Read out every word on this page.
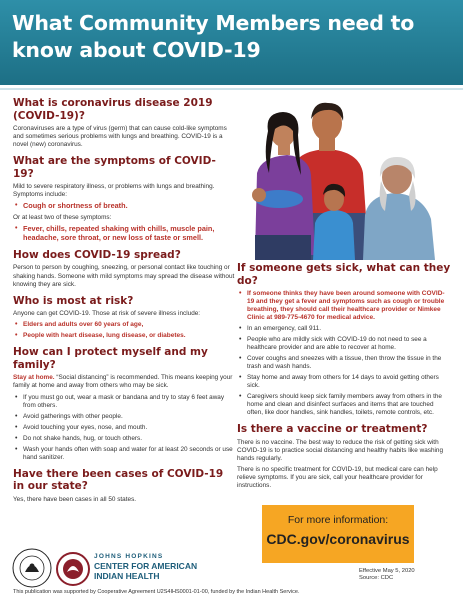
What Community Members need to know about COVID-19
What is coronavirus disease 2019 (COVID-19)?

Coronaviruses are a type of virus (germ) that can cause cold-like symptoms and sometimes serious problems with lungs and breathing. COVID-19 is a novel (new) coronavirus.

What are the symptoms of COVID-19?

Mild to severe respiratory illness, or problems with lungs and breathing. Symptoms include:

• Cough or shortness of breath.

Or at least two of these symptoms:

• Fever, chills, repeated shaking with chills, muscle pain, headache, sore throat, or new loss of taste or smell.
How does COVID-19 spread?

Person to person by coughing, sneezing, or personal contact like touching or shaking hands. Someone with mild symptoms may spread the disease without knowing they are sick.

Who is most at risk?

Anyone can get COVID-19. Those at risk of severe illness include:

• Elders and adults over 60 years of age,
• People with heart disease, lung disease, or diabetes.
How can I protect myself and my family?

Stay at home. “Social distancing” is recommended. This means keeping your family at home and away from others who may be sick.

• If you must go out, wear a mask or bandana and try to stay 6 feet away from others.
• Avoid gatherings with other people.
• Avoid touching your eyes, nose, and mouth.
• Do not shake hands, hug, or touch others.
• Wash your hands often with soap and water for at least 20 seconds or use hand sanitizer.
Have there been cases of COVID-19 in our state?

Yes, there have been cases in all 50 states.

If someone gets sick, what can they do?
• If someone thinks they have been around someone with COVID-19 and they get a fever and symptoms such as cough or trouble breathing, they should call their healthcare provider or Nimkee Clinic at 989-775-4670 for medical advice.
• In an emergency, call 911.
• People who are mildly sick with COVID-19 do not need to see a healthcare provider and are able to recover at home.
• Cover coughs and sneezes with a tissue, then throw the tissue in the trash and wash hands.
• Stay home and away from others for 14 days to avoid getting others sick.
• Caregivers should keep sick family members away from others in the home and clean and disinfect surfaces and items that are touched often, like door handles, sink handles, toilets, remote controls, etc.
Is there a vaccine or treatment?

There is no vaccine. The best way to reduce the risk of getting sick with COVID-19 is to practice social distancing and healthy habits like washing hands regularly.

There is no specific treatment for COVID-19, but medical care can help relieve symptoms. If you are sick, call your healthcare provider for instructions.

For more information:
CDC.gov/coronavirus
JOHNS HOPKINS
CENTER FOR AMERICAN
INDIAN HEALTH	Effective May 5, 2020
Source: CDC
This publication was supported by Cooperative Agreement U2S4IHS0001-01-00, funded by the Indian Health Service.
